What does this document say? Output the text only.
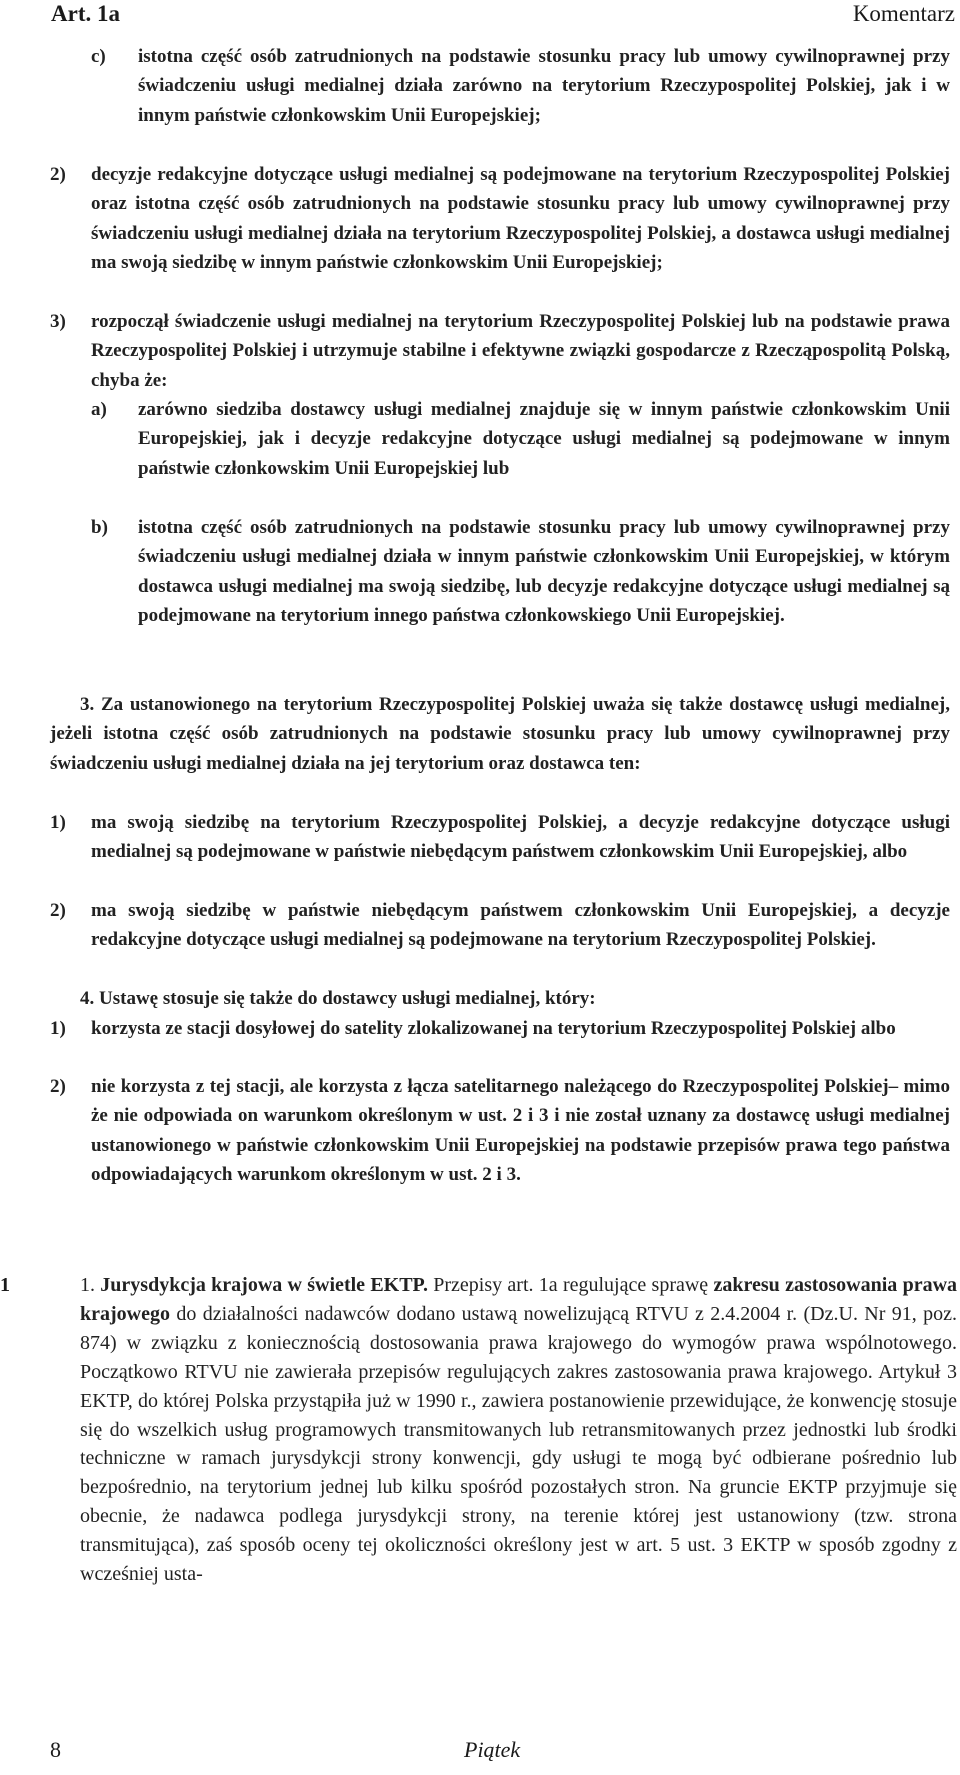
Art. 1a	Komentarz
c) istotna część osób zatrudnionych na podstawie stosunku pracy lub umowy cywilnoprawnej przy świadczeniu usługi medialnej działa zarówno na terytorium Rzeczypospolitej Polskiej, jak i w innym państwie członkowskim Unii Europejskiej;
2) decyzje redakcyjne dotyczące usługi medialnej są podejmowane na terytorium Rzeczypospolitej Polskiej oraz istotna część osób zatrudnionych na podstawie stosunku pracy lub umowy cywilnoprawnej przy świadczeniu usługi medialnej działa na terytorium Rzeczypospolitej Polskiej, a dostawca usługi medialnej ma swoją siedzibę w innym państwie członkowskim Unii Europejskiej;
3) rozpoczął świadczenie usługi medialnej na terytorium Rzeczypospolitej Polskiej lub na podstawie prawa Rzeczypospolitej Polskiej i utrzymuje stabilne i efektywne związki gospodarcze z Rzecząpospolitą Polską, chyba że:
a) zarówno siedziba dostawcy usługi medialnej znajduje się w innym państwie członkowskim Unii Europejskiej, jak i decyzje redakcyjne dotyczące usługi medialnej są podejmowane w innym państwie członkowskim Unii Europejskiej lub
b) istotna część osób zatrudnionych na podstawie stosunku pracy lub umowy cywilnoprawnej przy świadczeniu usługi medialnej działa w innym państwie członkowskim Unii Europejskiej, w którym dostawca usługi medialnej ma swoją siedzibę, lub decyzje redakcyjne dotyczące usługi medialnej są podejmowane na terytorium innego państwa członkowskiego Unii Europejskiej.
3. Za ustanowionego na terytorium Rzeczypospolitej Polskiej uważa się także dostawcę usługi medialnej, jeżeli istotna część osób zatrudnionych na podstawie stosunku pracy lub umowy cywilnoprawnej przy świadczeniu usługi medialnej działa na jej terytorium oraz dostawca ten:
1) ma swoją siedzibę na terytorium Rzeczypospolitej Polskiej, a decyzje redakcyjne dotyczące usługi medialnej są podejmowane w państwie niebędącym państwem członkowskim Unii Europejskiej, albo
2) ma swoją siedzibę w państwie niebędącym państwem członkowskim Unii Europejskiej, a decyzje redakcyjne dotyczące usługi medialnej są podejmowane na terytorium Rzeczypospolitej Polskiej.
4. Ustawę stosuje się także do dostawcy usługi medialnej, który:
1) korzysta ze stacji dosyłowej do satelity zlokalizowanej na terytorium Rzeczypospolitej Polskiej albo
2) nie korzysta z tej stacji, ale korzysta z łącza satelitarnego należącego do Rzeczypospolitej Polskiej– mimo że nie odpowiada on warunkom określonym w ust. 2 i 3 i nie został uznany za dostawcę usługi medialnej ustanowionego w państwie członkowskim Unii Europejskiej na podstawie przepisów prawa tego państwa odpowiadających warunkom określonym w ust. 2 i 3.
1	1. Jurysdykcja krajowa w świetle EKTP. Przepisy art. 1a regulujące sprawę zakresu zastosowania prawa krajowego do działalności nadawców dodano ustawą nowelizującą RTVU z 2.4.2004 r. (Dz.U. Nr 91, poz. 874) w związku z koniecznością dostosowania prawa krajowego do wymogów prawa wspólnotowego. Początkowo RTVU nie zawierała przepisów regulujących zakres zastosowania prawa krajowego. Artykuł 3 EKTP, do której Polska przystąpiła już w 1990 r., zawiera postanowienie przewidujące, że konwencję stosuje się do wszelkich usług programowych transmitowanych lub retransmitowanych przez jednostki lub środki techniczne w ramach jurysdykcji strony konwencji, gdy usługi te mogą być odbierane pośrednio lub bezpośrednio, na terytorium jednej lub kilku spośród pozostałych stron. Na gruncie EKTP przyjmuje się obecnie, że nadawca podlega jurysdykcji strony, na terenie której jest ustanowiony (tzw. strona transmitująca), zaś sposób oceny tej okoliczności określony jest w art. 5 ust. 3 EKTP w sposób zgodny z wcześniej usta-
8	Piątek
